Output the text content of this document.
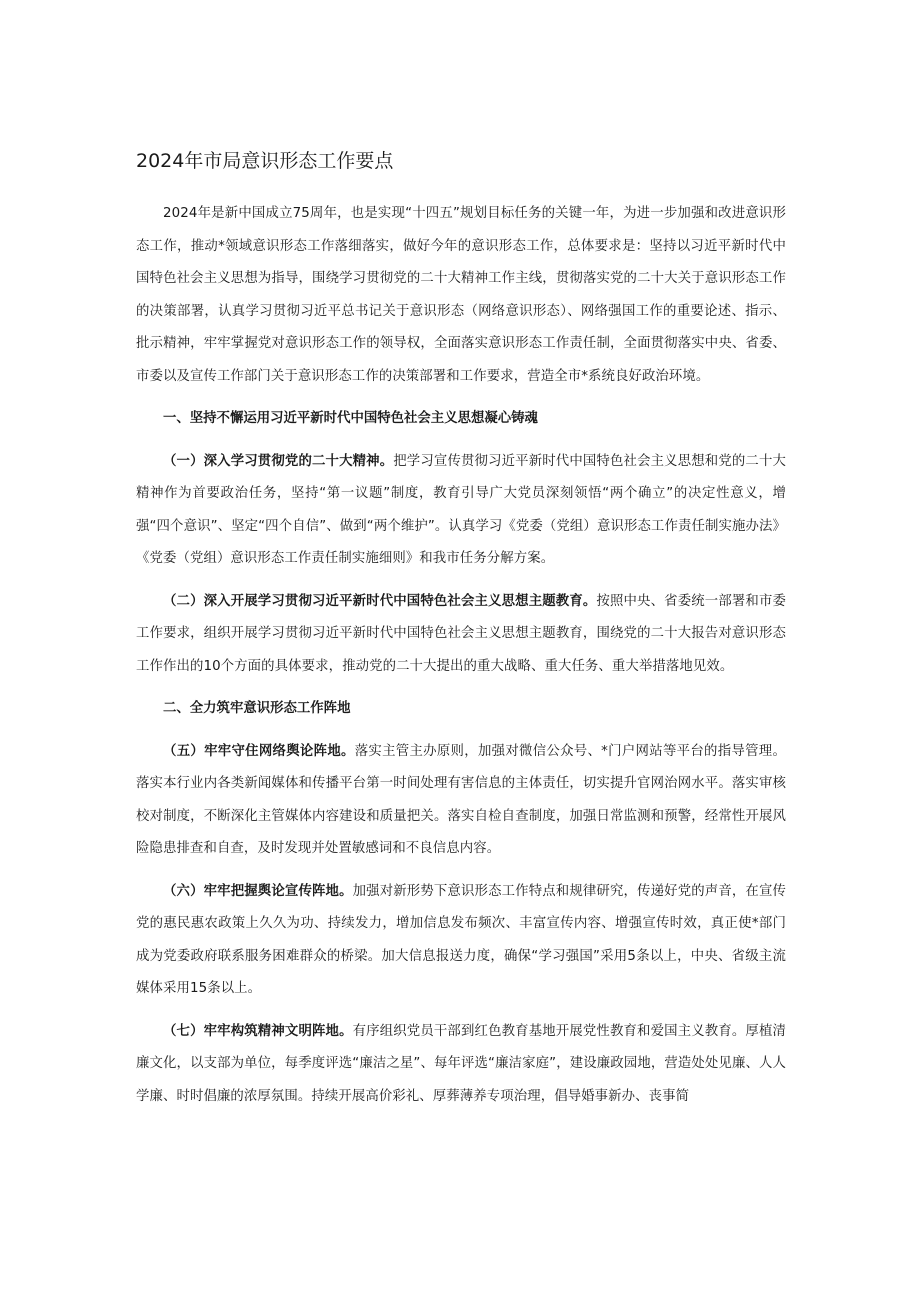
2024年市局意识形态工作要点

2024年是新中国成立75周年，也是实现“十四五”规划目标任务的关键一年，为进一步加强和改进意识形态工作，推动*领域意识形态工作落细落实，做好今年的意识形态工作，总体要求是：坚持以习近平新时代中国特色社会主义思想为指导，围绕学习贯彻党的二十大精神工作主线，贯彻落实党的二十大关于意识形态工作的决策部署，认真学习贯彻习近平总书记关于意识形态（网络意识形态）、网络强国工作的重要论述、指示、批示精神，牢牢掌握党对意识形态工作的领导权，全面落实意识形态工作责任制，全面贯彻落实中央、省委、市委以及宣传工作部门关于意识形态工作的决策部署和工作要求，营造全市*系统良好政治环境。

一、坚持不懈运用习近平新时代中国特色社会主义思想凝心铸魂

（一）深入学习贯彻党的二十大精神。把学习宣传贯彻习近平新时代中国特色社会主义思想和党的二十大精神作为首要政治任务，坚持“第一议题”制度，教育引导广大党员深刻领悟“两个确立”的决定性意义，增强“四个意识”、坚定“四个自信”、做到“两个维护”。认真学习《党委（党组）意识形态工作责任制实施办法》《党委（党组）意识形态工作责任制实施细则》和我市任务分解方案。

（二）深入开展学习贯彻习近平新时代中国特色社会主义思想主题教育。按照中央、省委统一部署和市委工作要求，组织开展学习贯彻习近平新时代中国特色社会主义思想主题教育，围绕党的二十大报告对意识形态工作作出的10个方面的具体要求，推动党的二十大提出的重大战略、重大任务、重大举措落地见效。

二、全力筑牢意识形态工作阵地

（五）牢牢守住网络舆论阵地。落实主管主办原则，加强对微信公众号、*门户网站等平台的指导管理。落实本行业内各类新闻媒体和传播平台第一时间处理有害信息的主体责任，切实提升官网治网水平。落实审核校对制度，不断深化主管媒体内容建设和质量把关。落实自检自查制度，加强日常监测和预警，经常性开展风险隐患排查和自查，及时发现并处置敏感词和不良信息内容。

（六）牢牢把握舆论宣传阵地。加强对新形势下意识形态工作特点和规律研究，传递好党的声音，在宣传党的惠民惠农政策上久久为功、持续发力，增加信息发布频次、丰富宣传内容、增强宣传时效，真正使*部门成为党委政府联系服务困难群众的桥梁。加大信息报送力度，确保“学习强国”采用5条以上，中央、省级主流媒体采用15条以上。

（七）牢牢构筑精神文明阵地。有序组织党员干部到红色教育基地开展党性教育和爱国主义教育。厚植清廉文化，以支部为单位，每季度评选“廉洁之星”、每年评选“廉洁家庭”，建设廉政园地，营造处处见廉、人人学廉、时时倡廉的浓厚氛围。持续开展高价彩礼、厚葬薄养专项治理，倡导婚事新办、丧事简
